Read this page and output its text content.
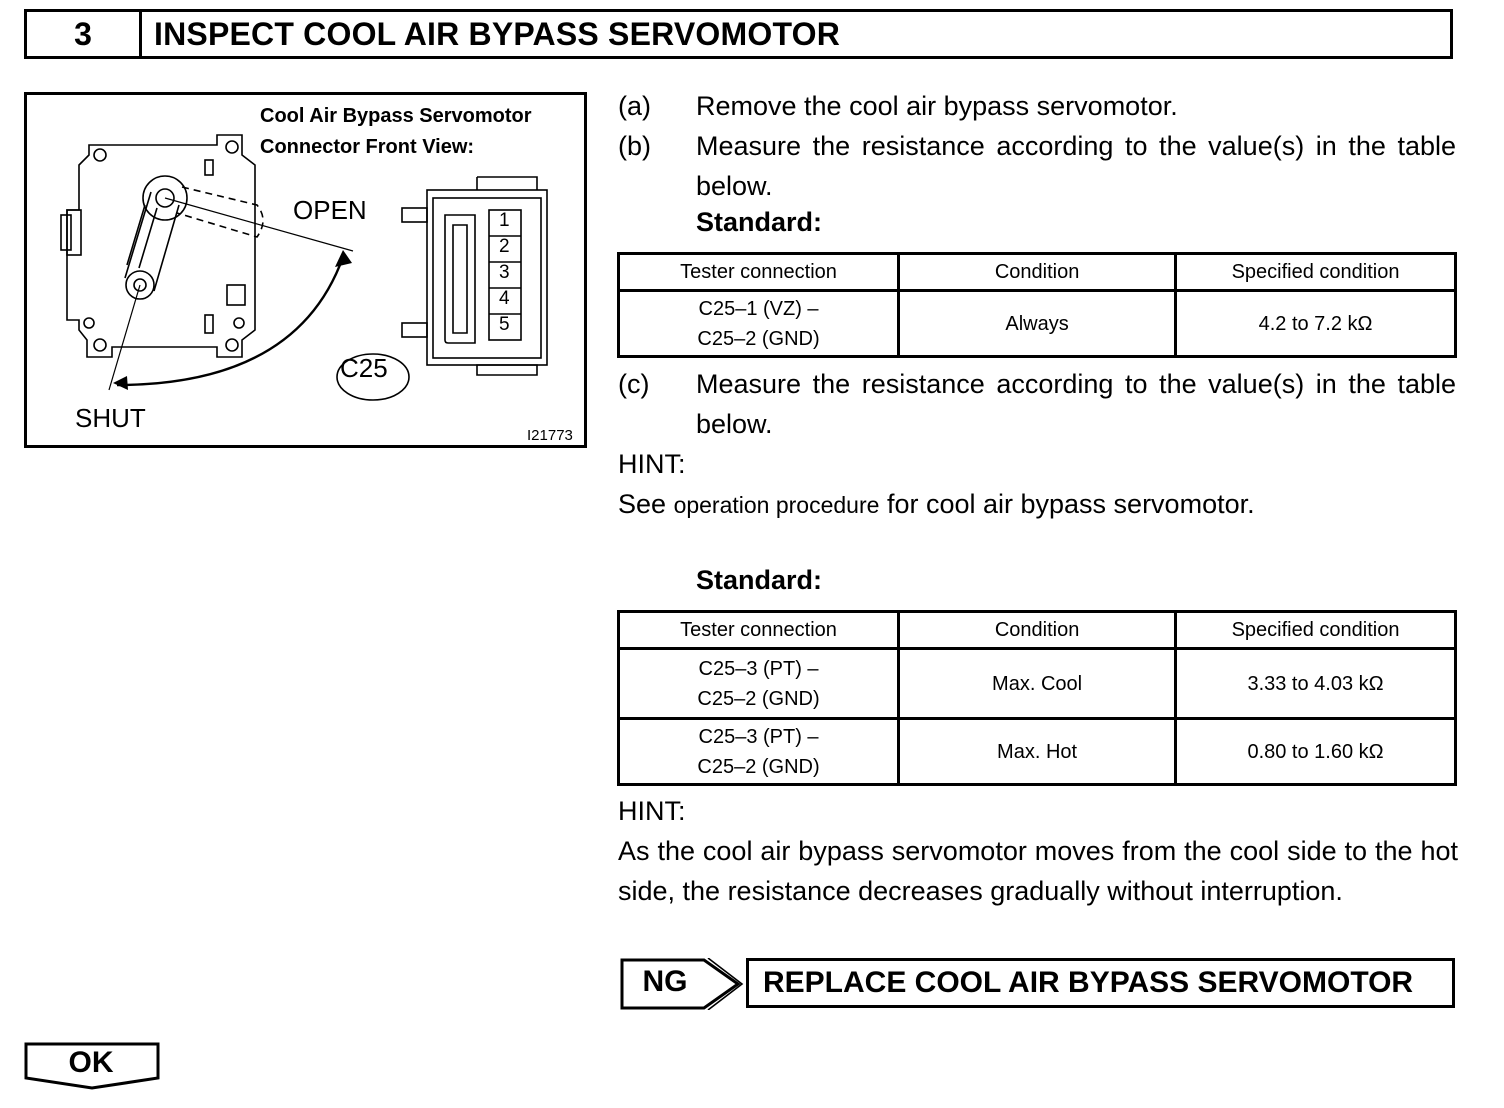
3	INSPECT COOL AIR BYPASS SERVOMOTOR
Cool Air Bypass Servomotor
Connector Front View:
OPEN
SHUT
C25
1
2
3
4
5
I21773
(a) Remove the cool air bypass servomotor.
(b) Measure the resistance according to the value(s) in the table below.
Standard:
Tester connection	Condition	Specified condition

C25–1 (VZ) –
C25–2 (GND)	Always	4.2 to 7.2 kΩ
(c) Measure the resistance according to the value(s) in the table below.
HINT:
See operation procedure for cool air bypass servomotor.
Standard:
Tester connection	Condition	Specified condition

C25–3 (PT) –
C25–2 (GND)	Max. Cool	3.33 to 4.03 kΩ

C25–3 (PT) –
C25–2 (GND)	Max. Hot	0.80 to 1.60 kΩ
HINT:
As the cool air bypass servomotor moves from the cool side to the hot side, the resistance decreases gradually without interruption.
NG	REPLACE COOL AIR BYPASS SERVOMOTOR
OK
